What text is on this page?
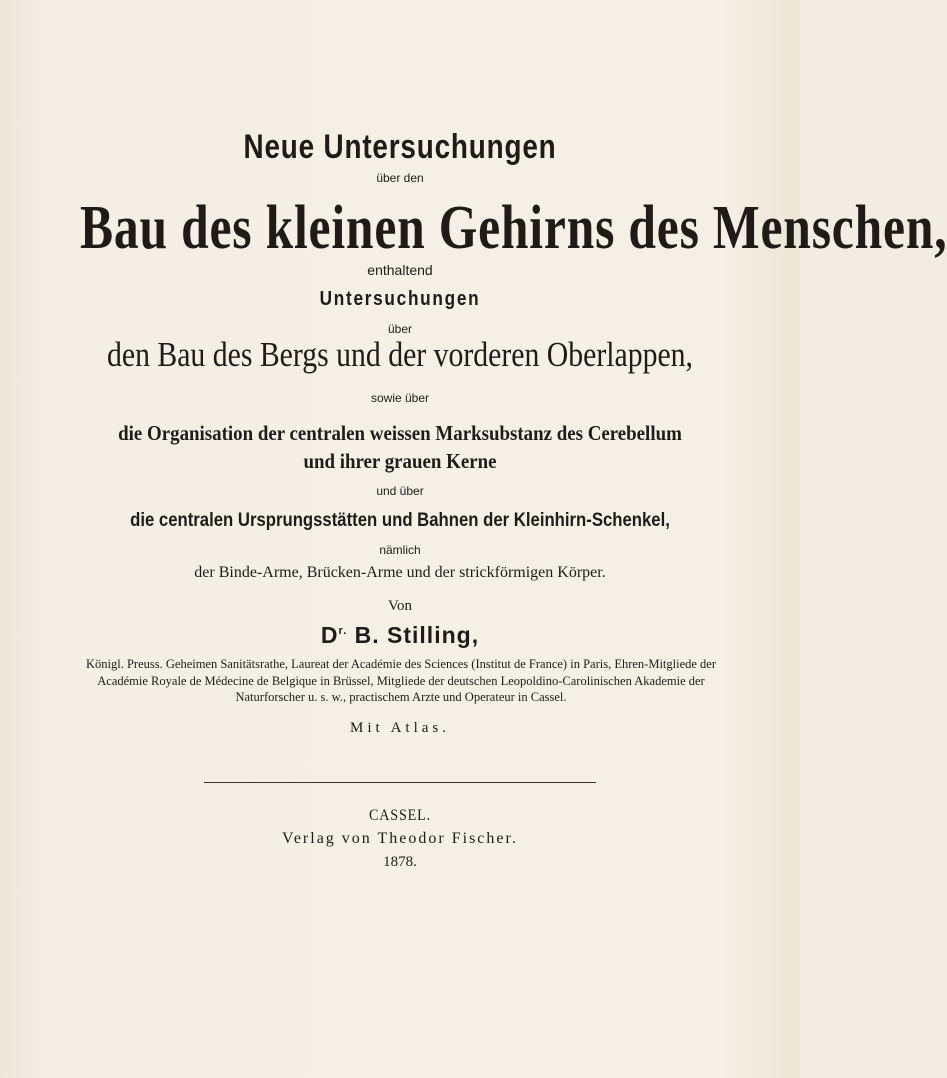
Neue Untersuchungen
über den
Bau des kleinen Gehirns des Menschen,
enthaltend
Untersuchungen
über
den Bau des Bergs und der vorderen Oberlappen,
sowie über
die Organisation der centralen weissen Marksubstanz des Cerebellum
und ihrer grauen Kerne
und über
die centralen Ursprungsstätten und Bahnen der Kleinhirn-Schenkel,
nämlich
der Binde-Arme, Brücken-Arme und der strickförmigen Körper.
Von
$D^{r.}$ B. Stilling,
Königl. Preuss. Geheimen Sanitätsrathe, Laureat der Académie des Sciences (Institut de France) in Paris, Ehren-Mitgliede der Académie Royale de Médecine de Belgique in Brüssel, Mitgliede der deutschen Leopoldino-Carolinischen Akademie der Naturforscher u. s. w., practischem Arzte und Operateur in Cassel.
Mit Atlas.
CASSEL.
Verlag von Theodor Fischer.
1878.
